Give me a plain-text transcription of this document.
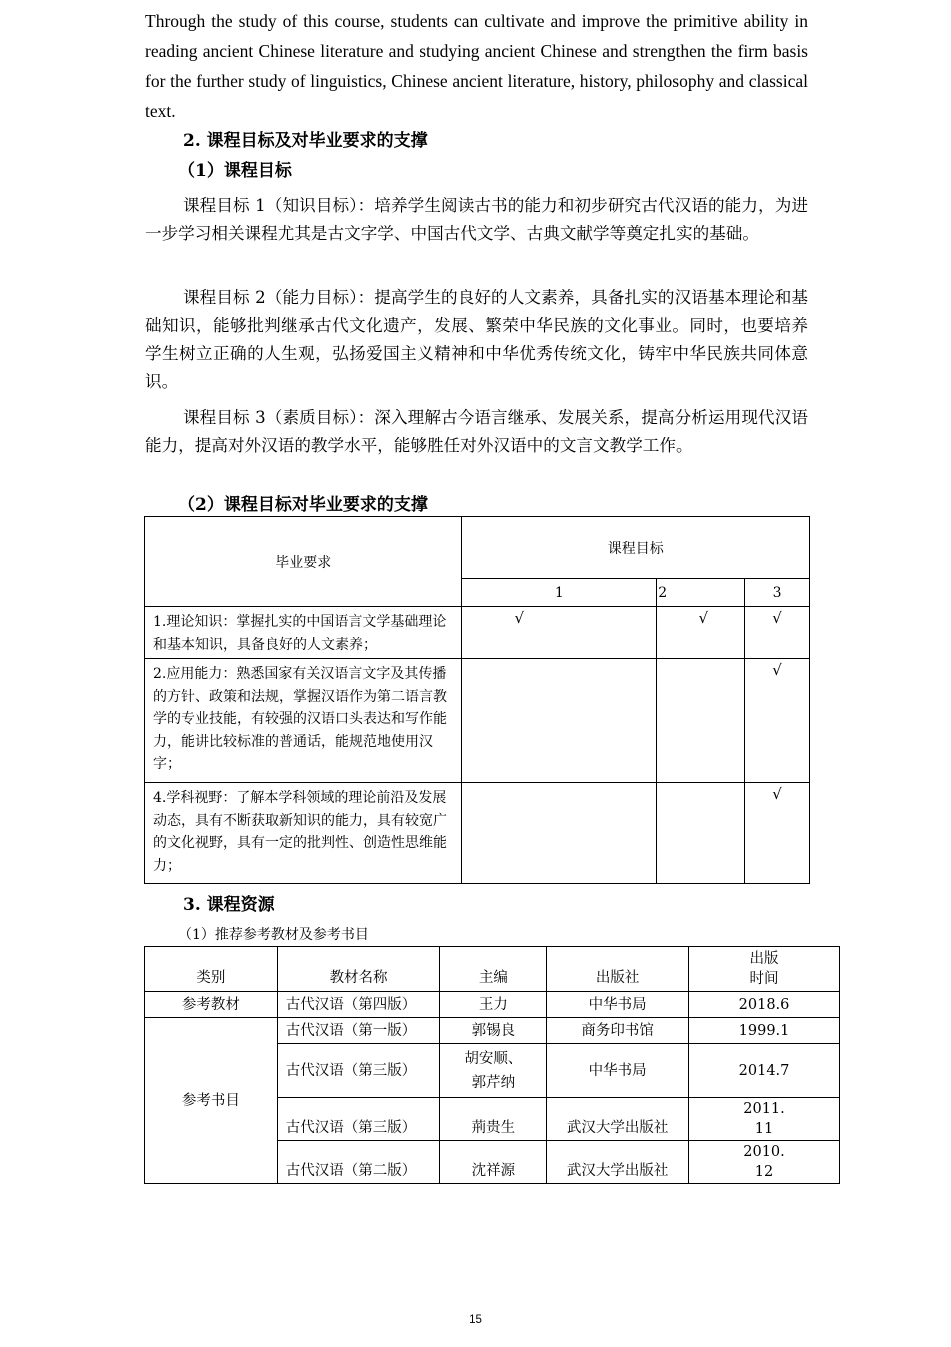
Through the study of this course, students can cultivate and improve the primitive ability in reading ancient Chinese literature and studying ancient Chinese and strengthen the firm basis for the further study of linguistics, Chinese ancient literature, history, philosophy and classical text.

2. 课程目标及对毕业要求的支撑

（1）课程目标

课程目标 1（知识目标）：培养学生阅读古书的能力和初步研究古代汉语的能力，为进一步学习相关课程尤其是古文字学、中国古代文学、古典文献学等奠定扎实的基础。

课程目标 2（能力目标）：提高学生的良好的人文素养，具备扎实的汉语基本理论和基础知识，能够批判继承古代文化遗产，发展、繁荣中华民族的文化事业。同时，也要培养学生树立正确的人生观，弘扬爱国主义精神和中华优秀传统文化，铸牢中华民族共同体意识。

课程目标 3（素质目标）：深入理解古今语言继承、发展关系，提高分析运用现代汉语能力，提高对外汉语的教学水平，能够胜任对外汉语中的文言文教学工作。

（2）课程目标对毕业要求的支撑

毕业要求	课程目标		
	1	2	3
1.理论知识：掌握扎实的中国语言文学基础理论和基本知识，具备良好的人文素养；	√	√	√
2.应用能力：熟悉国家有关汉语言文字及其传播的方针、政策和法规，掌握汉语作为第二语言教学的专业技能，有较强的汉语口头表达和写作能力，能讲比较标准的普通话，能规范地使用汉字；			√
4.学科视野：了解本学科领域的理论前沿及发展动态，具有不断获取新知识的能力，具有较宽广的文化视野，具有一定的批判性、创造性思维能力；			√

3. 课程资源

（1）推荐参考教材及参考书目

类别	教材名称	主编	出版社	出版时间
参考教材	古代汉语（第四版）	王力	中华书局	2018.6
参考书目	古代汉语（第一版）	郭锡良	商务印书馆	1999.1
	古代汉语（第三版）	胡安顺、郭芹纳	中华书局	2014.7
	古代汉语（第三版）	荊贵生	武汉大学出版社	2011.11
	古代汉语（第二版）	沈祥源	武汉大学出版社	2010.12
15
